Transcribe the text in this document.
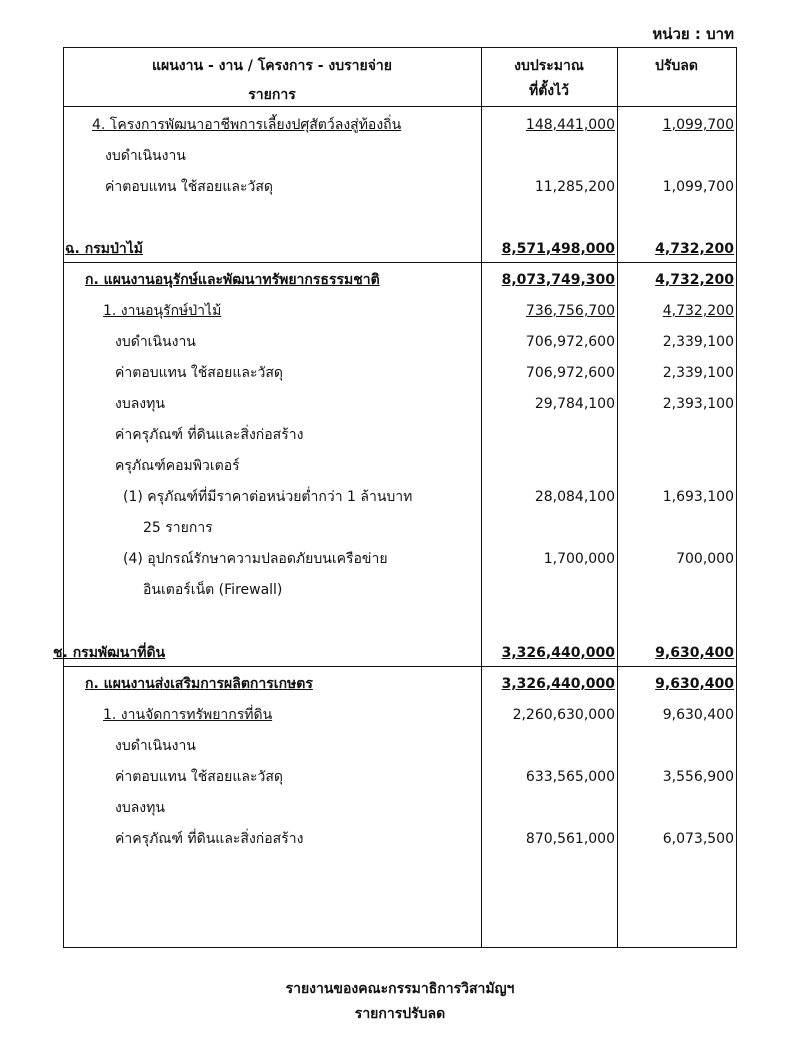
หน่วย : บาท
แผนงาน - งาน / โครงการ - งบรายจ่าย
รายการ
งบประมาณ
ที่ตั้งไว้
ปรับลด
4. โครงการพัฒนาอาชีพการเลี้ยงปศุสัตว์ลงสู่ท้องถิ่น	148,441,000	1,099,700
งบดำเนินงาน
ค่าตอบแทน ใช้สอยและวัสดุ	11,285,200	1,099,700
ฉ. กรมป่าไม้	8,571,498,000	4,732,200
ก. แผนงานอนุรักษ์และพัฒนาทรัพยากรธรรมชาติ	8,073,749,300	4,732,200
1. งานอนุรักษ์ป่าไม้	736,756,700	4,732,200
งบดำเนินงาน	706,972,600	2,339,100
ค่าตอบแทน ใช้สอยและวัสดุ	706,972,600	2,339,100
งบลงทุน	29,784,100	2,393,100
ค่าครุภัณฑ์ ที่ดินและสิ่งก่อสร้าง
ครุภัณฑ์คอมพิวเตอร์
(1) ครุภัณฑ์ที่มีราคาต่อหน่วยต่ำกว่า 1 ล้านบาท	28,084,100	1,693,100
25 รายการ
(4) อุปกรณ์รักษาความปลอดภัยบนเครือข่าย	1,700,000	700,000
อินเตอร์เน็ต (Firewall)
ช. กรมพัฒนาที่ดิน	3,326,440,000	9,630,400
ก. แผนงานส่งเสริมการผลิตการเกษตร	3,326,440,000	9,630,400
1. งานจัดการทรัพยากรที่ดิน	2,260,630,000	9,630,400
งบดำเนินงาน
ค่าตอบแทน ใช้สอยและวัสดุ	633,565,000	3,556,900
งบลงทุน
ค่าครุภัณฑ์ ที่ดินและสิ่งก่อสร้าง	870,561,000	6,073,500
รายงานของคณะกรรมาธิการวิสามัญฯ
รายการปรับลด
